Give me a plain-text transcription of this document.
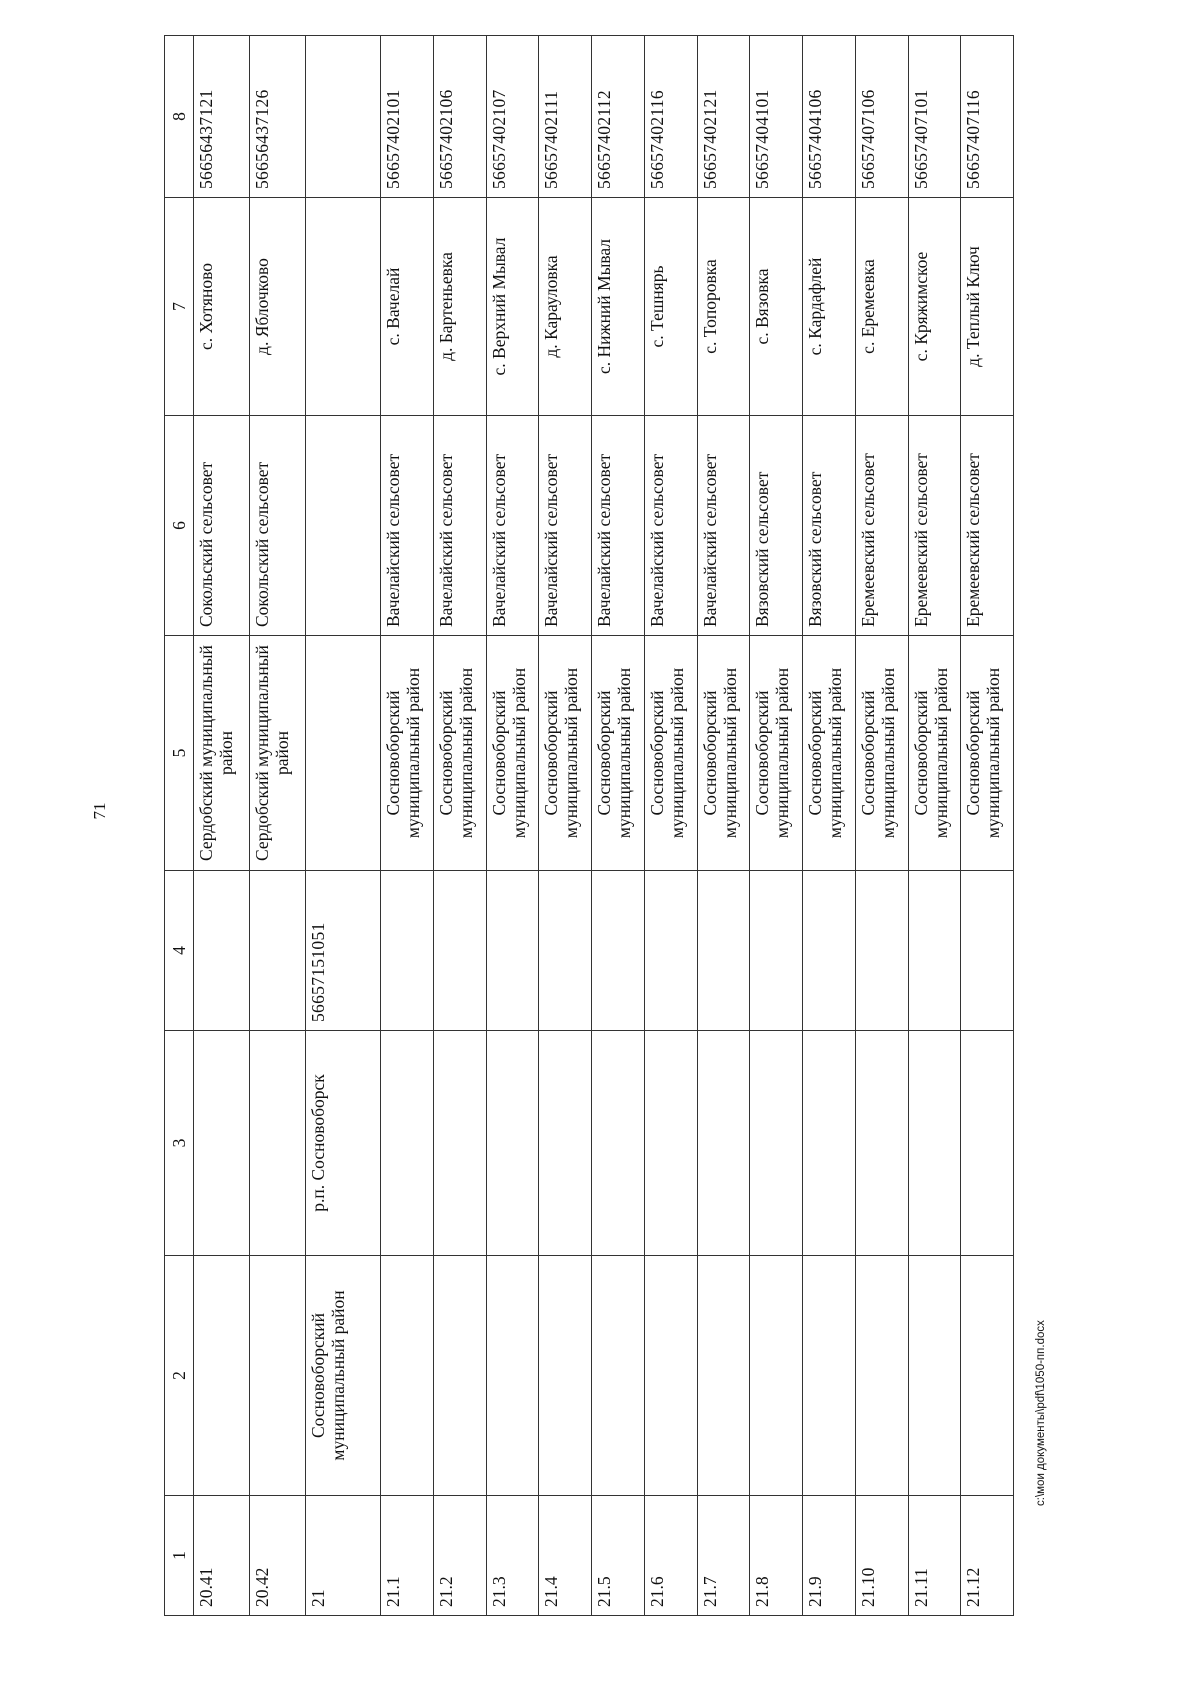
71
1	2	3	4	5	6	7	8
20.41				Сердобский муниципальный район	Сокольский сельсовет	с. Хотяново	56656437121
20.42				Сердобский муниципальный район	Сокольский сельсовет	д. Яблочково	56656437126
21	Сосновоборский муниципальный район	р.п. Сосновоборск	56657151051				
21.1				Сосновоборский муниципальный район	Вачелайский сельсовет	с. Вачелай	56657402101
21.2				Сосновоборский муниципальный район	Вачелайский сельсовет	д. Бартеньевка	56657402106
21.3				Сосновоборский муниципальный район	Вачелайский сельсовет	с. Верхний Мывал	56657402107
21.4				Сосновоборский муниципальный район	Вачелайский сельсовет	д. Карауловка	56657402111
21.5				Сосновоборский муниципальный район	Вачелайский сельсовет	с. Нижний Мывал	56657402112
21.6				Сосновоборский муниципальный район	Вачелайский сельсовет	с. Тешнярь	56657402116
21.7				Сосновоборский муниципальный район	Вачелайский сельсовет	с. Топоровка	56657402121
21.8				Сосновоборский муниципальный район	Вязовский сельсовет	с. Вязовка	56657404101
21.9				Сосновоборский муниципальный район	Вязовский сельсовет	с. Кардафлей	56657404106
21.10				Сосновоборский муниципальный район	Еремеевский сельсовет	с. Еремеевка	56657407106
21.11				Сосновоборский муниципальный район	Еремеевский сельсовет	с. Кряжимское	56657407101
21.12				Сосновоборский муниципальный район	Еремеевский сельсовет	д. Теплый Ключ	56657407116
c:\мои документы\pdf\1050-пп.docx
